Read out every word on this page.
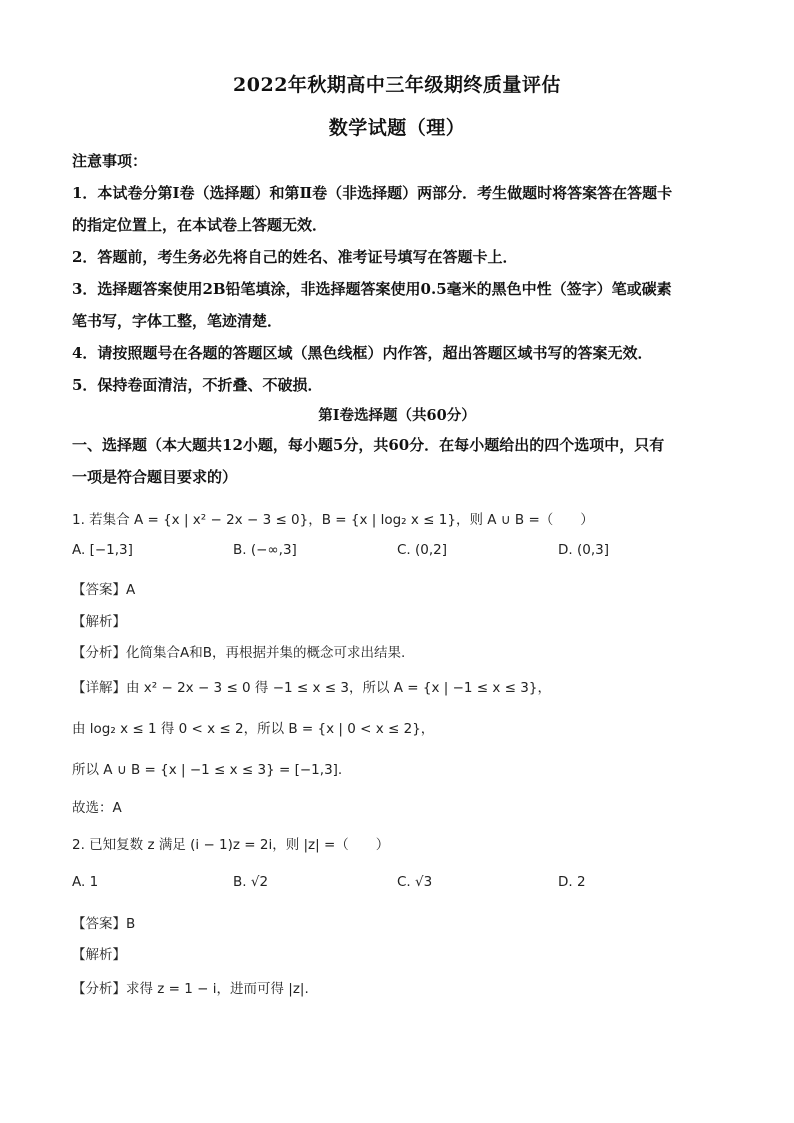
2022年秋期高中三年级期终质量评估
数学试题（理）
注意事项：
1．本试卷分第Ⅰ卷（选择题）和第Ⅱ卷（非选择题）两部分．考生做题时将答案答在答题卡
的指定位置上，在本试卷上答题无效．
2．答题前，考生务必先将自己的姓名、准考证号填写在答题卡上．
3．选择题答案使用2B铅笔填涂，非选择题答案使用0.5毫米的黑色中性（签字）笔或碳素
笔书写，字体工整，笔迹清楚．
4．请按照题号在各题的答题区域（黑色线框）内作答，超出答题区域书写的答案无效．
5．保持卷面清洁，不折叠、不破损．
第Ⅰ卷选择题（共60分）
一、选择题（本大题共12小题，每小题5分，共60分．在每小题给出的四个选项中，只有
一项是符合题目要求的）
1. 若集合 A = {x | x² − 2x − 3 ≤ 0}，B = {x | log₂ x ≤ 1}，则 A ∪ B =（　　）
A. [−1,3]	B. (−∞,3]	C. (0,2]	D. (0,3]
【答案】A
【解析】
【分析】化简集合A和B，再根据并集的概念可求出结果.
【详解】由 x² − 2x − 3 ≤ 0 得 −1 ≤ x ≤ 3，所以 A = {x | −1 ≤ x ≤ 3}，
由 log₂ x ≤ 1 得 0 < x ≤ 2，所以 B = {x | 0 < x ≤ 2}，
所以 A ∪ B = {x | −1 ≤ x ≤ 3} = [−1,3].
故选：A
2. 已知复数 z 满足 (i − 1)z = 2i，则 |z| =（　　）
A. 1	B. √2	C. √3	D. 2
【答案】B
【解析】
【分析】求得 z = 1 − i，进而可得 |z|.
